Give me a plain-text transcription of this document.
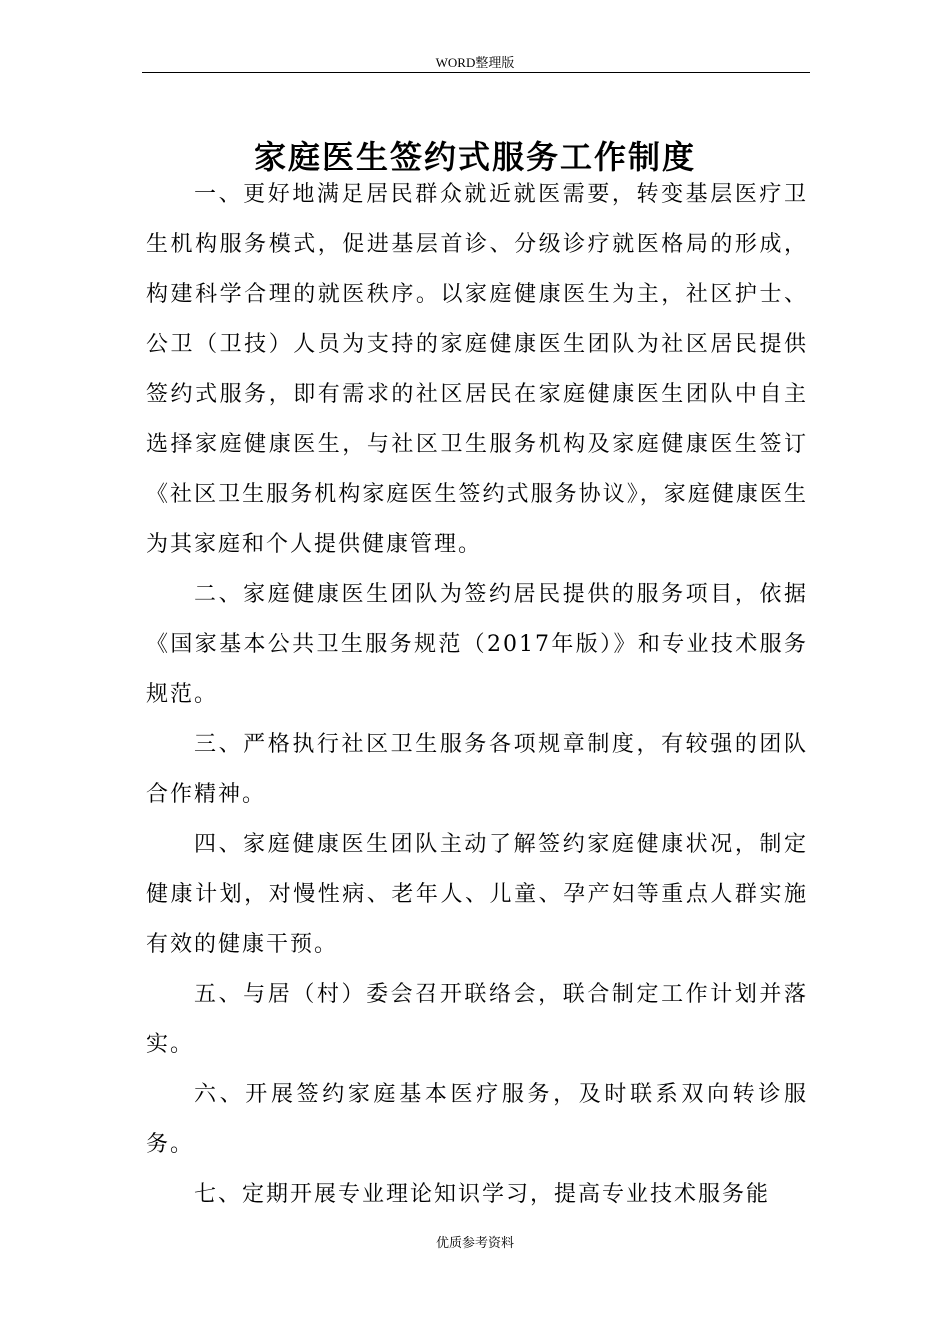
WORD整理版
家庭医生签约式服务工作制度

一、更好地满足居民群众就近就医需要，转变基层医疗卫生机构服务模式，促进基层首诊、分级诊疗就医格局的形成，构建科学合理的就医秩序。以家庭健康医生为主，社区护士、公卫（卫技）人员为支持的家庭健康医生团队为社区居民提供签约式服务，即有需求的社区居民在家庭健康医生团队中自主选择家庭健康医生，与社区卫生服务机构及家庭健康医生签订《社区卫生服务机构家庭医生签约式服务协议》，家庭健康医生为其家庭和个人提供健康管理。

二、家庭健康医生团队为签约居民提供的服务项目，依据《国家基本公共卫生服务规范（2017年版）》和专业技术服务规范。

三、严格执行社区卫生服务各项规章制度，有较强的团队合作精神。

四、家庭健康医生团队主动了解签约家庭健康状况，制定健康计划，对慢性病、老年人、儿童、孕产妇等重点人群实施有效的健康干预。

五、与居（村）委会召开联络会，联合制定工作计划并落实。

六、开展签约家庭基本医疗服务，及时联系双向转诊服务。

七、定期开展专业理论知识学习，提高专业技术服务能

优质参考资料
